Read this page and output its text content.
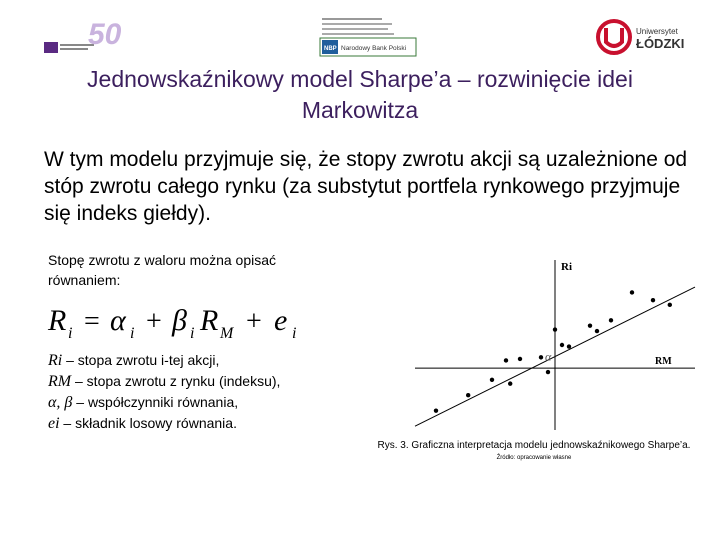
50	NBP Narodowy Bank Polski
Uniwersytet
ŁÓDZKI
Jednowskaźnikowy model Sharpe’a – rozwinięcie idei Markowitza
W tym modelu przyjmuje się, że stopy zwrotu akcji są uzależnione od stóp zwrotu całego rynku (za substytut portfela rynkowego przyjmuje się indeks giełdy).
Stopę zwrotu z waloru można opisać równaniem:
R i = α i + β i R M + e i
Ri – stopa zwrotu i-tej akcji,
RM – stopa zwrotu z rynku (indeksu),
α, β – współczynniki równania,
ei – składnik losowy równania.
Ri
RM
α
Rys. 3. Graficzna interpretacja modelu jednowskaźnikowego Sharpe’a.
Źródło: opracowanie własne
